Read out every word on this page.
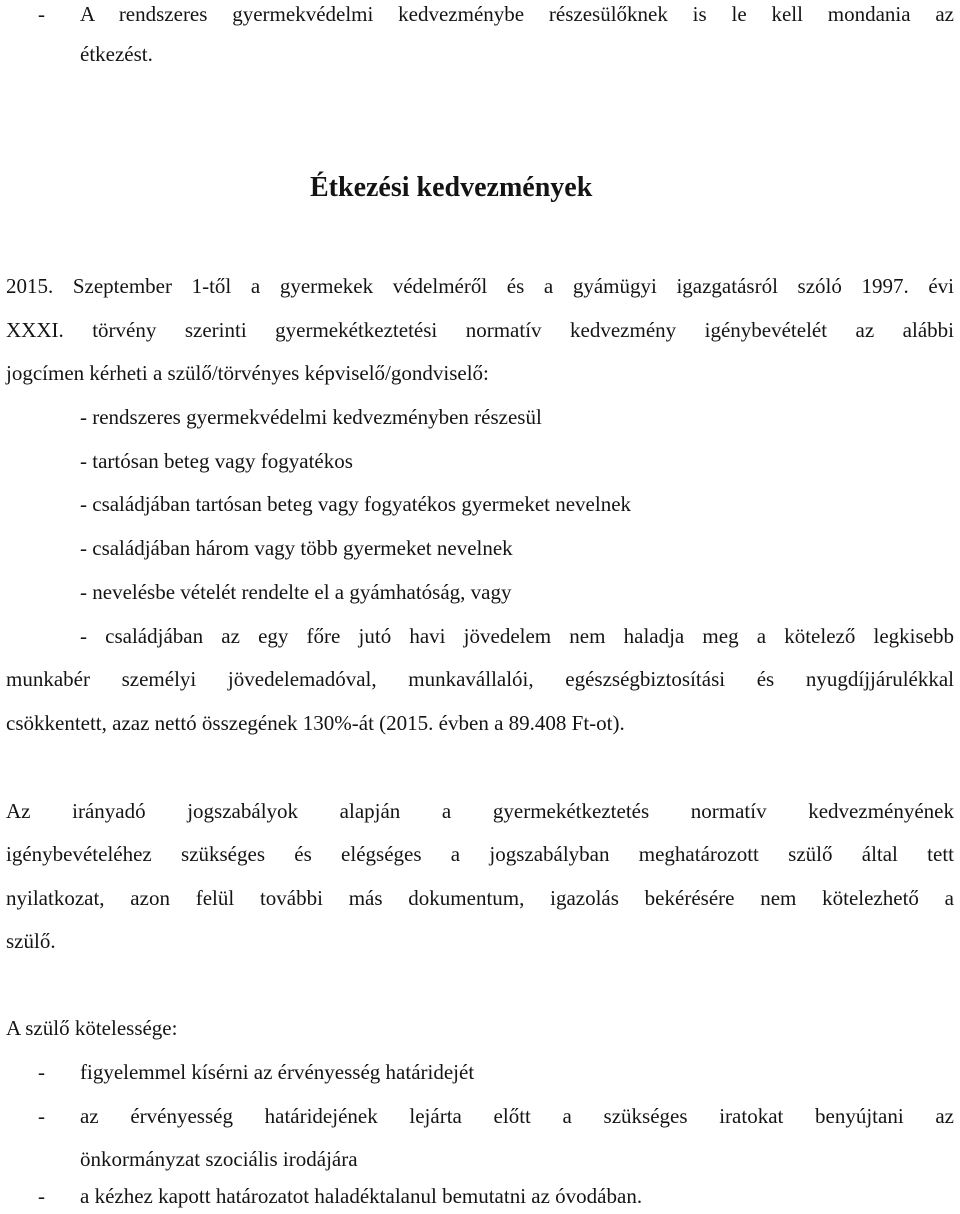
- A rendszeres gyermekvédelmi kedvezménybe részesülőknek is le kell mondania az
étkezést.
Étkezési kedvezmények
2015. Szeptember 1-től a gyermekek védelméről és a gyámügyi igazgatásról szóló 1997. évi
XXXI. törvény szerinti gyermekétkeztetési normatív kedvezmény igénybevételét az alábbi
jogcímen kérheti a szülő/törvényes képviselő/gondviselő:
- rendszeres gyermekvédelmi kedvezményben részesül
- tartósan beteg vagy fogyatékos
- családjában tartósan beteg vagy fogyatékos gyermeket nevelnek
- családjában három vagy több gyermeket nevelnek
- nevelésbe vételét rendelte el a gyámhatóság, vagy
- családjában az egy főre jutó havi jövedelem nem haladja meg a kötelező legkisebb
munkabér személyi jövedelemadóval, munkavállalói, egészségbiztosítási és nyugdíjjárulékkal
csökkentett, azaz nettó összegének 130%-át (2015. évben a 89.408 Ft-ot).
Az irányadó jogszabályok alapján a gyermekétkeztetés normatív kedvezményének
igénybevételéhez szükséges és elégséges a jogszabályban meghatározott szülő által tett
nyilatkozat, azon felül további más dokumentum, igazolás bekérésére nem kötelezhető a
szülő.
A szülő kötelessége:
- figyelemmel kísérni az érvényesség határidejét
- az érvényesség határidejének lejárta előtt a szükséges iratokat benyújtani az
önkormányzat szociális irodájára
- a kézhez kapott határozatot haladéktalanul bemutatni az óvodában.
